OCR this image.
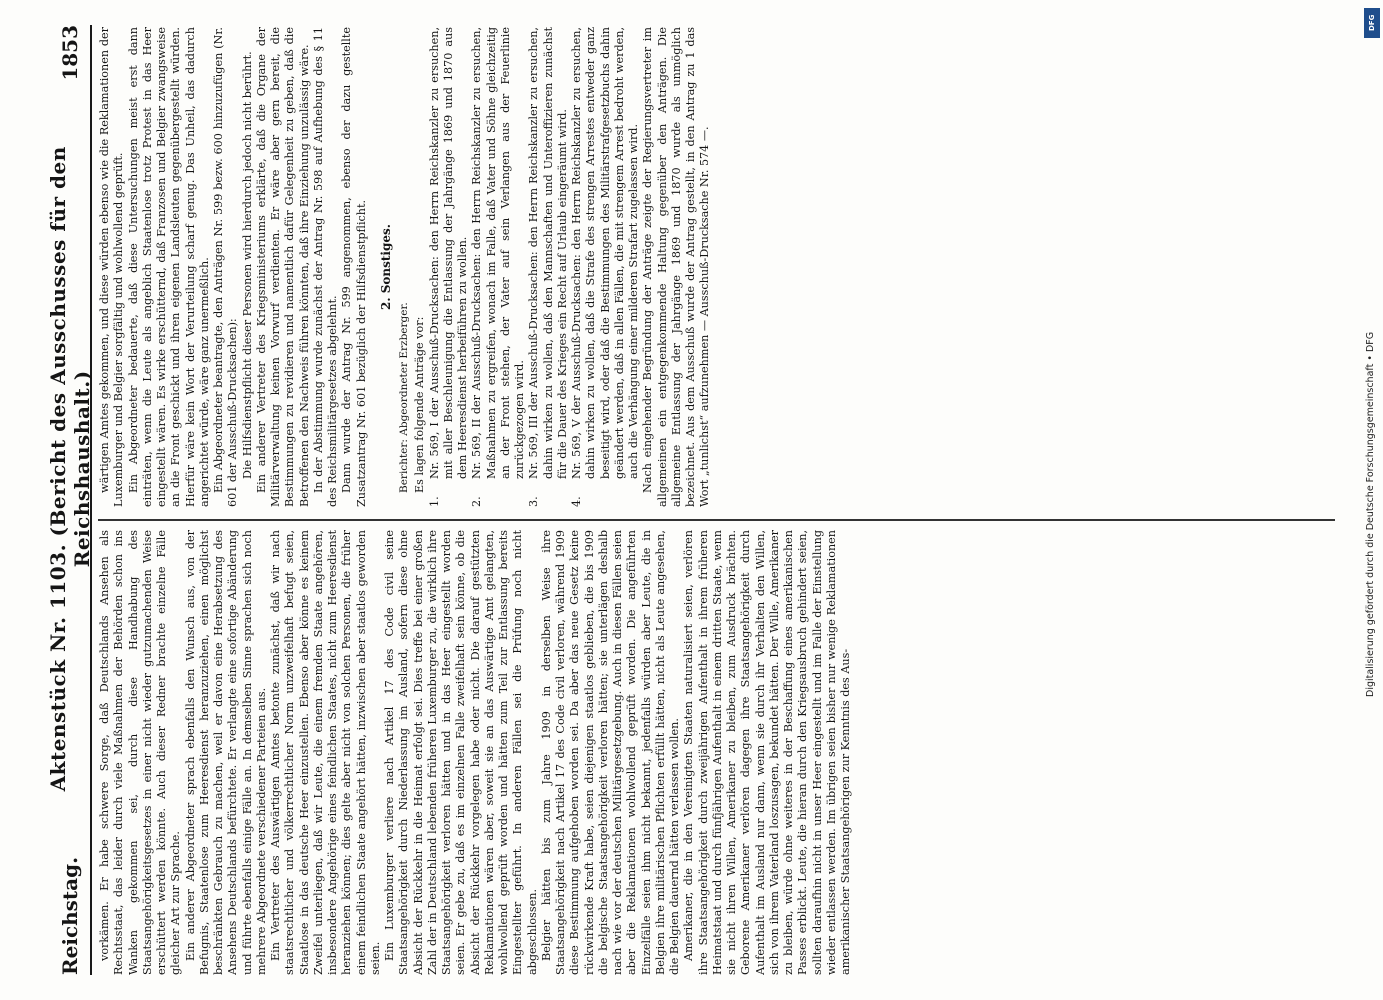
Reichstag.
Aktenstück Nr. 1103. (Bericht des Ausschusses für den Reichshaushalt.)
1853

vorkämen. Er habe schwere Sorge, daß Deutschlands Ansehen als Rechtsstaat, das leider durch viele Maßnahmen der Behörden schon ins Wanken gekommen sei, durch diese Handhabung des Staatsangehörigkeitsgesetzes in einer nicht wieder gutzumachenden Weise erschüttert werden könnte. Auch dieser Redner brachte einzelne Fälle gleicher Art zur Sprache. Ein anderer Abgeordneter sprach ebenfalls den Wunsch aus, von der Befugnis, Staatenlose zum Heeresdienst heranzuziehen, einen möglichst beschränkten Gebrauch zu machen, weil er davon eine Herabsetzung des Ansehens Deutschlands befürchtete. Er verlangte eine sofortige Abänderung und führte ebenfalls einige Fälle an. In demselben Sinne sprachen sich noch mehrere Abgeordnete verschiedener Parteien aus. Ein Vertreter des Auswärtigen Amtes betonte zunächst, daß wir nach staatsrechtlicher und völkerrechtlicher Norm unzweifelhaft befugt seien, Staatlose in das deutsche Heer einzustellen. Ebenso aber könne es keinem Zweifel unterliegen, daß wir Leute, die einem fremden Staate angehören, insbesondere Angehörige eines feindlichen Staates, nicht zum Heeresdienst heranziehen können; dies gelte aber nicht von solchen Personen, die früher einem feindlichen Staate angehört hätten, inzwischen aber staatlos geworden seien. Ein Luxemburger verliere nach Artikel 17 des Code civil seine Staatsangehörigkeit durch Niederlassung im Ausland, sofern diese ohne Absicht der Rückkehr in die Heimat erfolgt sei. Dies treffe bei einer großen Zahl der in Deutschland lebenden früheren Luxemburger zu, die wirklich ihre Staatsangehörigkeit verloren hätten und in das Heer eingestellt worden seien. Er gebe zu, daß es im einzelnen Falle zweifelhaft sein könne, ob die Absicht der Rückkehr vorgelegen habe oder nicht. Die darauf gestützten Reklamationen wären aber, soweit sie an das Auswärtige Amt gelangten, wohlwollend geprüft worden und hätten zum Teil zur Entlassung bereits Eingestellter geführt. In anderen Fällen sei die Prüfung noch nicht abgeschlossen. Belgier hätten bis zum Jahre 1909 in derselben Weise ihre Staatsangehörigkeit nach Artikel 17 des Code civil verloren, während 1909 diese Bestimmung aufgehoben worden sei. Da aber das neue Gesetz keine rückwirkende Kraft habe, seien diejenigen staatlos geblieben, die bis 1909 die belgische Staatsangehörigkeit verloren hätten; sie unterlägen deshalb nach wie vor der deutschen Militärgesetzgebung. Auch in diesen Fällen seien aber die Reklamationen wohlwollend geprüft worden. Die angeführten Einzelfälle seien ihm nicht bekannt, jedenfalls würden aber Leute, die in Belgien ihre militärischen Pflichten erfüllt hätten, nicht als Leute angesehen, die Belgien dauernd hätten verlassen wollen. Amerikaner, die in den Vereinigten Staaten naturalisiert seien, verlören ihre Staatsangehörigkeit durch zweijährigen Aufenthalt in ihrem früheren Heimatstaat und durch fünfjährigen Aufenthalt in einem dritten Staate, wenn sie nicht ihren Willen, Amerikaner zu bleiben, zum Ausdruck brächten. Geborene Amerikaner verlören dagegen ihre Staatsangehörigkeit durch Aufenthalt im Ausland nur dann, wenn sie durch ihr Verhalten den Willen, sich von ihrem Vaterland loszusagen, bekundet hätten. Der Wille, Amerikaner zu bleiben, würde ohne weiteres in der Beschaffung eines amerikanischen Passes erblickt. Leute, die hieran durch den Kriegsausbruch gehindert seien, sollten daraufhin nicht in unser Heer eingestellt und im Falle der Einstellung wieder entlassen werden. Im übrigen seien bisher nur wenige Reklamationen amerikanischer Staatsangehörigen zur Kenntnis des Aus-

wärtigen Amtes gekommen, und diese würden ebenso wie die Reklamationen der Luxemburger und Belgier sorgfältig und wohlwollend geprüft. Ein Abgeordneter bedauerte, daß diese Untersuchungen meist erst dann einträten, wenn die Leute als angeblich Staatenlose trotz Protest in das Heer eingestellt wären. Es wirke erschütternd, daß Franzosen und Belgier zwangsweise an die Front geschickt und ihren eigenen Landsleuten gegenübergestellt würden. Hierfür wäre kein Wort der Verurteilung scharf genug. Das Unheil, das dadurch angerichtet würde, wäre ganz unermeßlich. Ein Abgeordneter beantragte, den Anträgen Nr. 599 bezw. 600 hinzuzufügen (Nr. 601 der Ausschuß-Drucksachen): Die Hilfsdienstpflicht dieser Personen wird hierdurch jedoch nicht berührt. Ein anderer Vertreter des Kriegsministeriums erklärte, daß die Organe der Militärverwaltung keinen Vorwurf verdienten. Er wäre aber gern bereit, die Bestimmungen zu revidieren und namentlich dafür Gelegenheit zu geben, daß die Betroffenen den Nachweis führen könnten, daß ihre Einziehung unzulässig wäre. In der Abstimmung wurde zunächst der Antrag Nr. 598 auf Aufhebung des § 11 des Reichsmilitärgesetzes abgelehnt. Dann wurde der Antrag Nr. 599 angenommen, ebenso der dazu gestellte Zusatzantrag Nr. 601 bezüglich der Hilfsdienstpflicht. 2. Sonstiges.

Berichter: Abgeordneter Erzberger. Es lagen folgende Anträge vor:

1.
Nr. 569, I der Ausschuß-Drucksachen: den Herrn Reichskanzler zu ersuchen, mit aller Beschleunigung die Entlassung der Jahrgänge 1869 und 1870 aus dem Heeresdienst herbeiführen zu wollen.

2.
Nr. 569, II der Ausschuß-Drucksachen: den Herrn Reichskanzler zu ersuchen, Maßnahmen zu ergreifen, wonach im Falle, daß Vater und Söhne gleichzeitig an der Front stehen, der Vater auf sein Verlangen aus der Feuerlinie zurückgezogen wird.

3.
Nr. 569, III der Ausschuß-Drucksachen: den Herrn Reichskanzler zu ersuchen, dahin wirken zu wollen, daß den Mannschaften und Unteroffizieren zunächst für die Dauer des Krieges ein Recht auf Urlaub eingeräumt wird.

4.
Nr. 569, V der Ausschuß-Drucksachen: den Herrn Reichskanzler zu ersuchen, dahin wirken zu wollen, daß die Strafe des strengen Arrestes entweder ganz beseitigt wird, oder daß die Bestimmungen des Militärstrafgesetzbuchs dahin geändert werden, daß in allen Fällen, die mit strengem Arrest bedroht werden, auch die Verhängung einer milderen Strafart zugelassen wird. Nach eingehender Begründung der Anträge zeigte der Regierungsvertreter im allgemeinen ein entgegenkommende Haltung gegenüber den Anträgen. Die allgemeine Entlassung der Jahrgänge 1869 und 1870 wurde als unmöglich bezeichnet. Aus dem Ausschuß wurde der Antrag gestellt, in den Antrag zu 1 das Wort „tunlichst“ aufzunehmen — Ausschuß-Drucksache Nr. 574 —.

DFG
Digitalisierung gefördert durch die Deutsche Forschungsgemeinschaft • DFG
